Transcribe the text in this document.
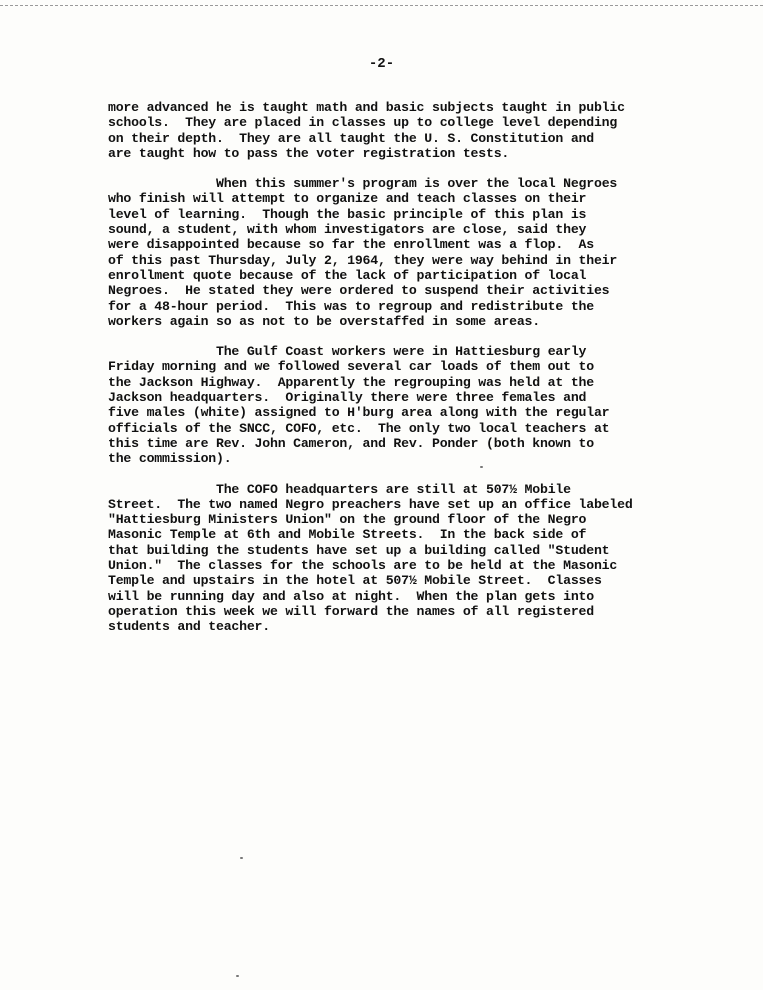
-2-
more advanced he is taught math and basic subjects taught in public
schools.  They are placed in classes up to college level depending
on their depth.  They are all taught the U. S. Constitution and
are taught how to pass the voter registration tests.
When this summer's program is over the local Negroes
who finish will attempt to organize and teach classes on their
level of learning.  Though the basic principle of this plan is
sound, a student, with whom investigators are close, said they
were disappointed because so far the enrollment was a flop.  As
of this past Thursday, July 2, 1964, they were way behind in their
enrollment quote because of the lack of participation of local
Negroes.  He stated they were ordered to suspend their activities
for a 48-hour period.  This was to regroup and redistribute the
workers again so as not to be overstaffed in some areas.
The Gulf Coast workers were in Hattiesburg early
Friday morning and we followed several car loads of them out to
the Jackson Highway.  Apparently the regrouping was held at the
Jackson headquarters.  Originally there were three females and
five males (white) assigned to H'burg area along with the regular
officials of the SNCC, COFO, etc.  The only two local teachers at
this time are Rev. John Cameron, and Rev. Ponder (both known to
the commission).
The COFO headquarters are still at 507½ Mobile
Street.  The two named Negro preachers have set up an office labeled
"Hattiesburg Ministers Union" on the ground floor of the Negro
Masonic Temple at 6th and Mobile Streets.  In the back side of
that building the students have set up a building called "Student
Union."  The classes for the schools are to be held at the Masonic
Temple and upstairs in the hotel at 507½ Mobile Street.  Classes
will be running day and also at night.  When the plan gets into
operation this week we will forward the names of all registered
students and teacher.
